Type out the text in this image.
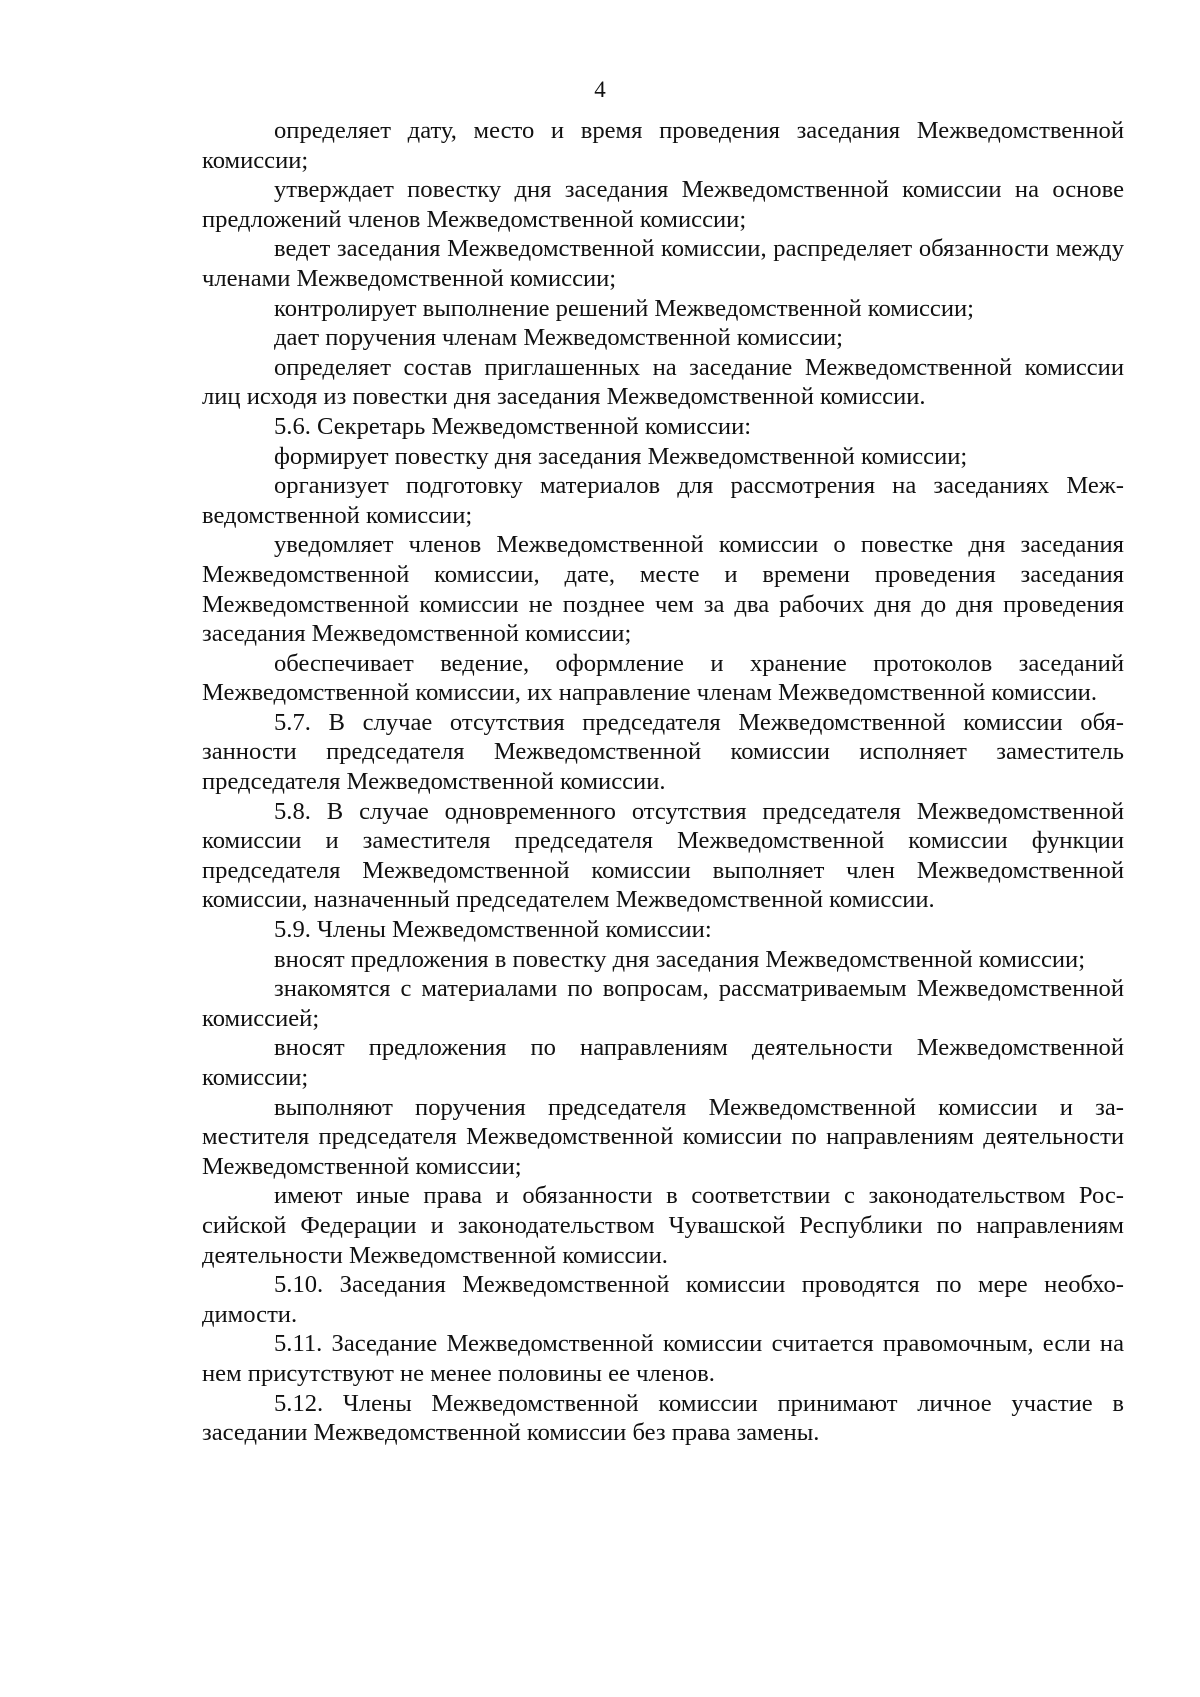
4

определяет дату, место и время проведения заседания Межведомственной комиссии;

утверждает повестку дня заседания Межведомственной комиссии на основе предложений членов Межведомственной комиссии;

ведет заседания Межведомственной комиссии, распределяет обязанности между членами Межведомственной комиссии;

контролирует выполнение решений Межведомственной комиссии;

дает поручения членам Межведомственной комиссии;

определяет состав приглашенных на заседание Межведомственной комиссии лиц исходя из повестки дня заседания Межведомственной комиссии.

5.6. Секретарь Межведомственной комиссии:

формирует повестку дня заседания Межведомственной комиссии;

организует подготовку материалов для рассмотрения на заседаниях Межведомственной комиссии;

уведомляет членов Межведомственной комиссии о повестке дня заседания Межведомственной комиссии, дате, месте и времени проведения заседания Межведомственной комиссии не позднее чем за два рабочих дня до дня проведения заседания Межведомственной комиссии;

обеспечивает ведение, оформление и хранение протоколов заседаний Межведомственной комиссии, их направление членам Межведомственной комиссии.

5.7. В случае отсутствия председателя Межведомственной комиссии обязанности председателя Межведомственной комиссии исполняет заместитель председателя Межведомственной комиссии.

5.8. В случае одновременного отсутствия председателя Межведомственной комиссии и заместителя председателя Межведомственной комиссии функции председателя Межведомственной комиссии выполняет член Межведомственной комиссии, назначенный председателем Межведомственной комиссии.

5.9. Члены Межведомственной комиссии:

вносят предложения в повестку дня заседания Межведомственной комиссии;

знакомятся с материалами по вопросам, рассматриваемым Межведомственной комиссией;

вносят предложения по направлениям деятельности Межведомственной комиссии;

выполняют поручения председателя Межведомственной комиссии и заместителя председателя Межведомственной комиссии по направлениям деятельности Межведомственной комиссии;

имеют иные права и обязанности в соответствии с законодательством Российской Федерации и законодательством Чувашской Республики по направлениям деятельности Межведомственной комиссии.

5.10. Заседания Межведомственной комиссии проводятся по мере необходимости.

5.11. Заседание Межведомственной комиссии считается правомочным, если на нем присутствуют не менее половины ее членов.

5.12. Члены Межведомственной комиссии принимают личное участие в заседании Межведомственной комиссии без права замены.
